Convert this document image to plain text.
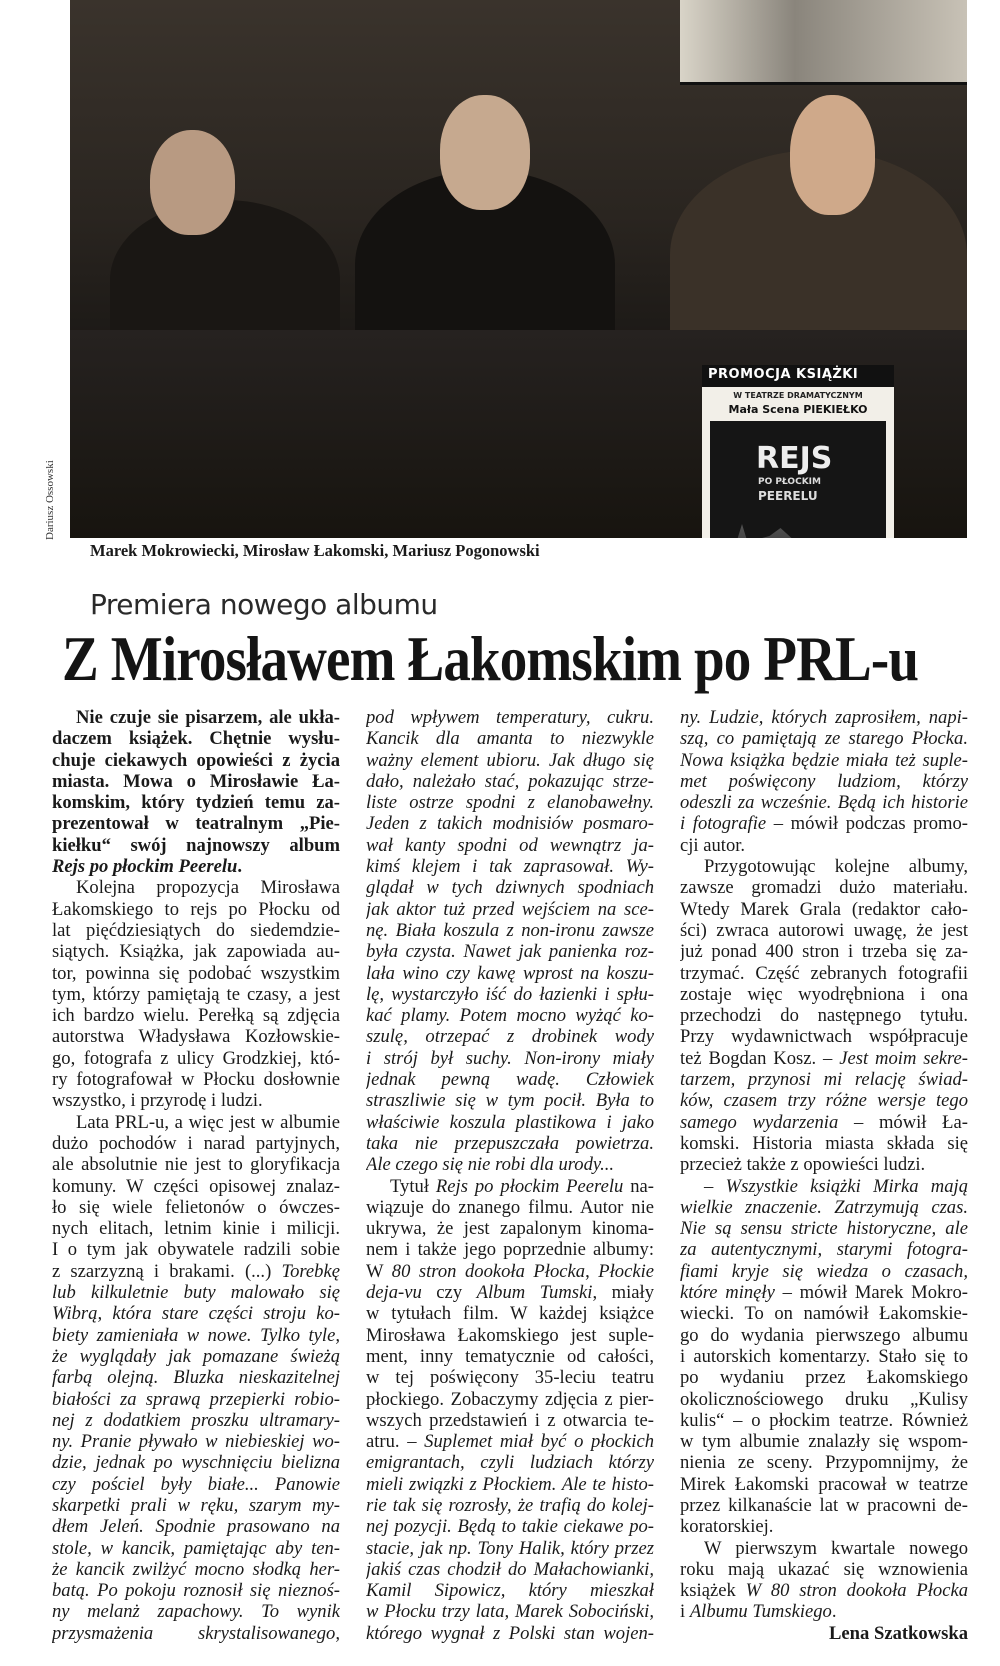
PROMOCJA KSIĄŻKI
W TEATRZE DRAMATYCZNYM
Mała Scena PIEKIEŁKO
REJS
PO PŁOCKIM
PEERELU
Dariusz Ossowski
Marek Mokrowiecki, Mirosław Łakomski, Mariusz Pogonowski
Premiera nowego albumu
Z Mirosławem Łakomskim po PRL-u
Nie czuje sie pisarzem, ale ukła-
daczem książek. Chętnie wysłu-
chuje ciekawych opowieści z życia
miasta. Mowa o Mirosławie Ła-
komskim, który tydzień temu za-
prezentował w teatralnym „Pie-
kiełku“ swój najnowszy album
Rejs po płockim Peerelu.
Kolejna propozycja Mirosława
Łakomskiego to rejs po Płocku od
lat pięćdziesiątych do siedemdzie-
siątych. Książka, jak zapowiada au-
tor, powinna się podobać wszystkim
tym, którzy pamiętają te czasy, a jest
ich bardzo wielu. Perełką są zdjęcia
autorstwa Władysława Kozłowskie-
go, fotografa z ulicy Grodzkiej, któ-
ry fotografował w Płocku dosłownie
wszystko, i przyrodę i ludzi.
Lata PRL-u, a więc jest w albumie
dużo pochodów i narad partyjnych,
ale absolutnie nie jest to gloryfikacja
komuny. W części opisowej znalaz-
ło się wiele felietonów o ówczes-
nych elitach, letnim kinie i milicji.
I o tym jak obywatele radzili sobie
z szarzyzną i brakami. (...) Torebkę
lub kilkuletnie buty malowało się
Wibrą, która stare części stroju ko-
biety zamieniała w nowe. Tylko tyle,
że wyglądały jak pomazane świeżą
farbą olejną. Bluzka nieskazitelnej
białości za sprawą przepierki robio-
nej z dodatkiem proszku ultramary-
ny. Pranie pływało w niebieskiej wo-
dzie, jednak po wyschnięciu bielizna
czy pościel były białe... Panowie
skarpetki prali w ręku, szarym my-
dłem Jeleń. Spodnie prasowano na
stole, w kancik, pamiętając aby ten-
że kancik zwilżyć mocno słodką her-
batą. Po pokoju roznosił się nieznoś-
ny melanż zapachowy. To wynik
przysmażenia skrystalisowanego,
pod wpływem temperatury, cukru.
Kancik dla amanta to niezwykle
ważny element ubioru. Jak długo się
dało, należało stać, pokazując strze-
liste ostrze spodni z elanobawełny.
Jeden z takich modnisiów posmaro-
wał kanty spodni od wewnątrz ja-
kimś klejem i tak zaprasował. Wy-
glądał w tych dziwnych spodniach
jak aktor tuż przed wejściem na sce-
nę. Biała koszula z non-ironu zawsze
była czysta. Nawet jak panienka roz-
lała wino czy kawę wprost na koszu-
lę, wystarczyło iść do łazienki i spłu-
kać plamy. Potem mocno wyżąć ko-
szulę, otrzepać z drobinek wody
i strój był suchy. Non-irony miały
jednak pewną wadę. Człowiek
straszliwie się w tym pocił. Była to
właściwie koszula plastikowa i jako
taka nie przepuszczała powietrza.
Ale czego się nie robi dla urody...
Tytuł Rejs po płockim Peerelu na-
wiązuje do znanego filmu. Autor nie
ukrywa, że jest zapalonym kinoma-
nem i także jego poprzednie albumy:
W 80 stron dookoła Płocka, Płockie
deja-vu czy Album Tumski, miały
w tytułach film. W każdej książce
Mirosława Łakomskiego jest suple-
ment, inny tematycznie od całości,
w tej poświęcony 35-leciu teatru
płockiego. Zobaczymy zdjęcia z pier-
wszych przedstawień i z otwarcia te-
atru. – Suplemet miał być o płockich
emigrantach, czyli ludziach którzy
mieli związki z Płockiem. Ale te histo-
rie tak się rozrosły, że trafią do kolej-
nej pozycji. Będą to takie ciekawe po-
stacie, jak np. Tony Halik, który przez
jakiś czas chodził do Małachowianki,
Kamil Sipowicz, który mieszkał
w Płocku trzy lata, Marek Sobociński,
którego wygnał z Polski stan wojen-
ny. Ludzie, których zaprosiłem, napi-
szą, co pamiętają ze starego Płocka.
Nowa książka będzie miała też suple-
met poświęcony ludziom, którzy
odeszli za wcześnie. Będą ich historie
i fotografie – mówił podczas promo-
cji autor.
Przygotowując kolejne albumy,
zawsze gromadzi dużo materiału.
Wtedy Marek Grala (redaktor cało-
ści) zwraca autorowi uwagę, że jest
już ponad 400 stron i trzeba się za-
trzymać. Część zebranych fotografii
zostaje więc wyodrębniona i ona
przechodzi do następnego tytułu.
Przy wydawnictwach współpracuje
też Bogdan Kosz. – Jest moim sekre-
tarzem, przynosi mi relację świad-
ków, czasem trzy różne wersje tego
samego wydarzenia – mówił Ła-
komski. Historia miasta składa się
przecież także z opowieści ludzi.
– Wszystkie książki Mirka mają
wielkie znaczenie. Zatrzymują czas.
Nie są sensu stricte historyczne, ale
za autentycznymi, starymi fotogra-
fiami kryje się wiedza o czasach,
które minęły – mówił Marek Mokro-
wiecki. To on namówił Łakomskie-
go do wydania pierwszego albumu
i autorskich komentarzy. Stało się to
po wydaniu przez Łakomskiego
okolicznościowego druku „Kulisy
kulis“ – o płockim teatrze. Również
w tym albumie znalazły się wspom-
nienia ze sceny. Przypomnijmy, że
Mirek Łakomski pracował w teatrze
przez kilkanaście lat w pracowni de-
koratorskiej.
W pierwszym kwartale nowego
roku mają ukazać się wznowienia
książek W 80 stron dookoła Płocka
i Albumu Tumskiego.
Lena Szatkowska
